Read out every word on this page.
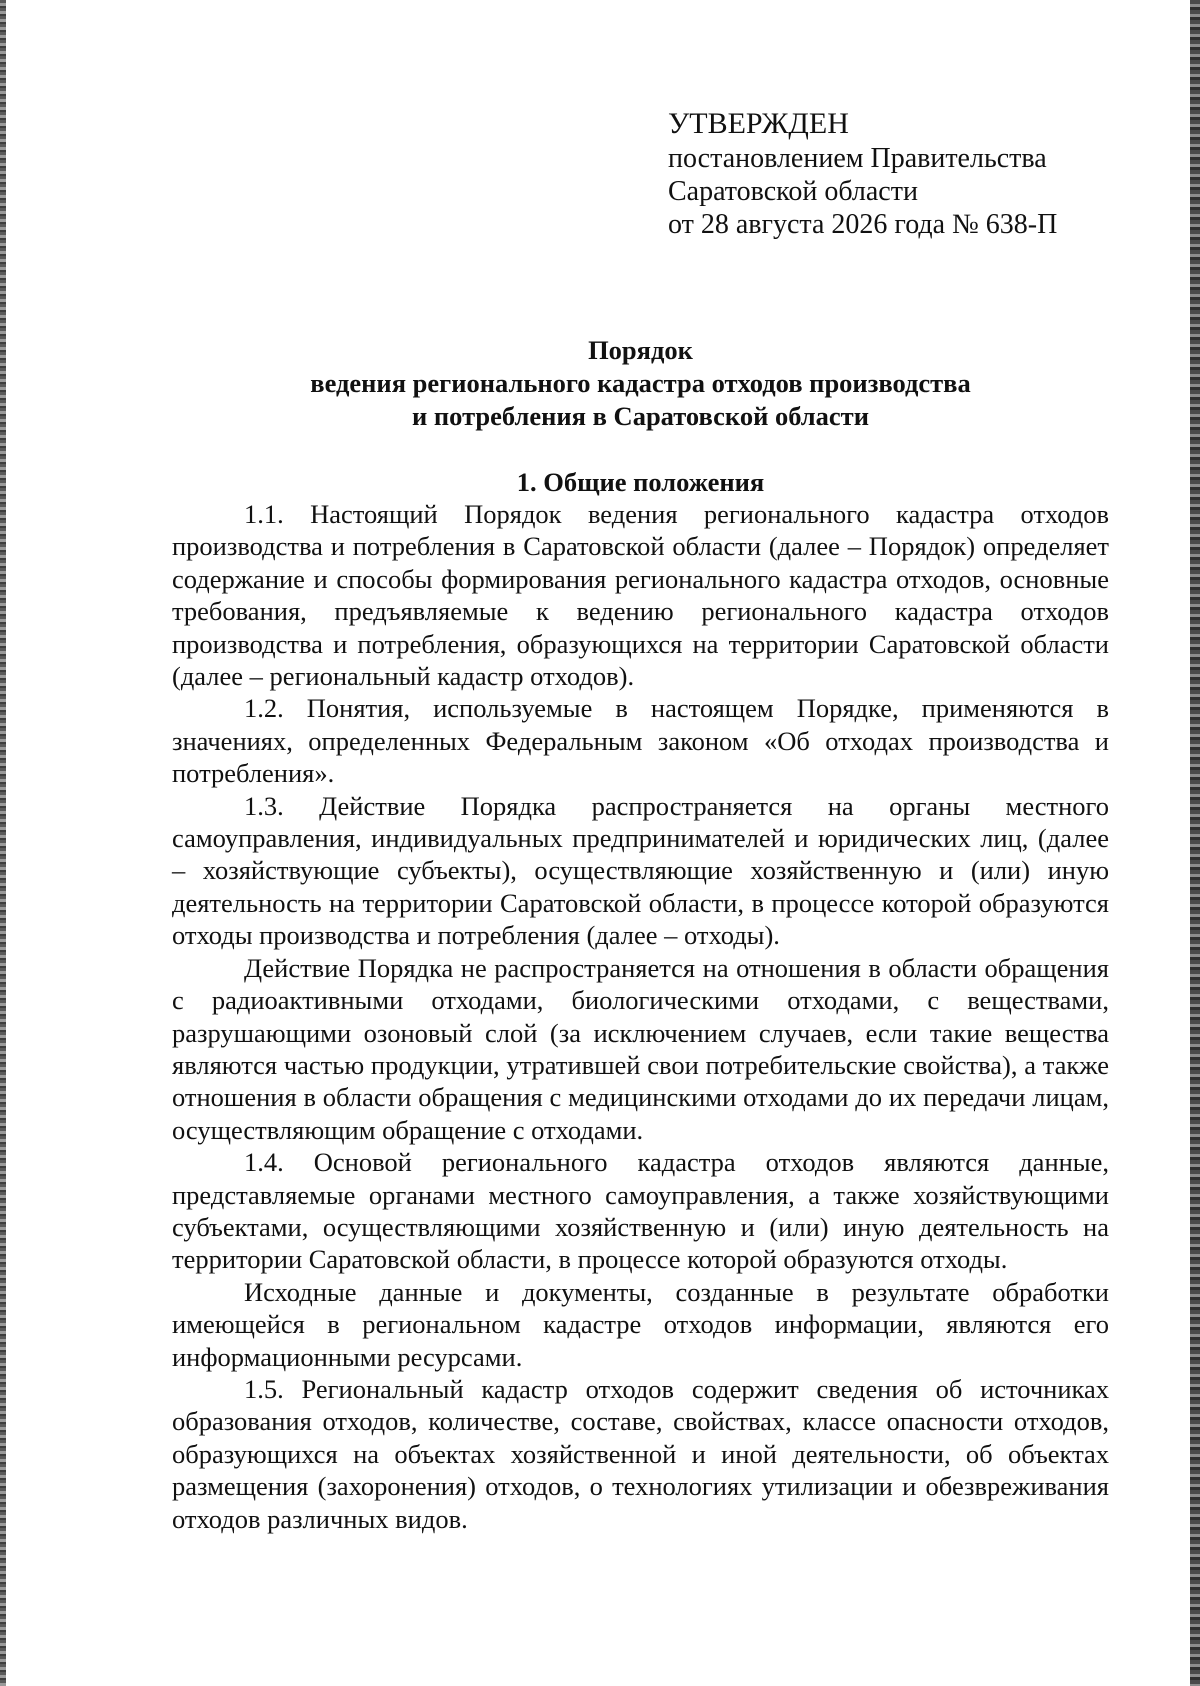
УТВЕРЖДЕН
постановлением Правительства
Саратовской области
от 28 августа 2026 года № 638-П
Порядок
ведения регионального кадастра отходов производства
и потребления в Саратовской области
1. Общие положения

1.1. Настоящий Порядок ведения регионального кадастра отходов производства и потребления в Саратовской области (далее – Порядок) определяет содержание и способы формирования регионального кадастра отходов, основные требования, предъявляемые к ведению регионального кадастра отходов производства и потребления, образующихся на территории Саратовской области (далее – региональный кадастр отходов).

1.2. Понятия, используемые в настоящем Порядке, применяются в значениях, определенных Федеральным законом «Об отходах производства и потребления».

1.3. Действие Порядка распространяется на органы местного самоуправления, индивидуальных предпринимателей и юридических лиц, (далее – хозяйствующие субъекты), осуществляющие хозяйственную и (или) иную деятельность на территории Саратовской области, в процессе которой образуются отходы производства и потребления (далее – отходы).

Действие Порядка не распространяется на отношения в области обращения с радиоактивными отходами, биологическими отходами, с веществами, разрушающими озоновый слой (за исключением случаев, если такие вещества являются частью продукции, утратившей свои потребительские свойства), а также отношения в области обращения с медицинскими отходами до их передачи лицам, осуществляющим обращение с отходами.

1.4. Основой регионального кадастра отходов являются данные, представляемые органами местного самоуправления, а также хозяйствующими субъектами, осуществляющими хозяйственную и (или) иную деятельность на территории Саратовской области, в процессе которой образуются отходы.

Исходные данные и документы, созданные в результате обработки имеющейся в региональном кадастре отходов информации, являются его информационными ресурсами.

1.5. Региональный кадастр отходов содержит сведения об источниках образования отходов, количестве, составе, свойствах, классе опасности отходов, образующихся на объектах хозяйственной и иной деятельности, об объектах размещения (захоронения) отходов, о технологиях утилизации и обезвреживания отходов различных видов.
